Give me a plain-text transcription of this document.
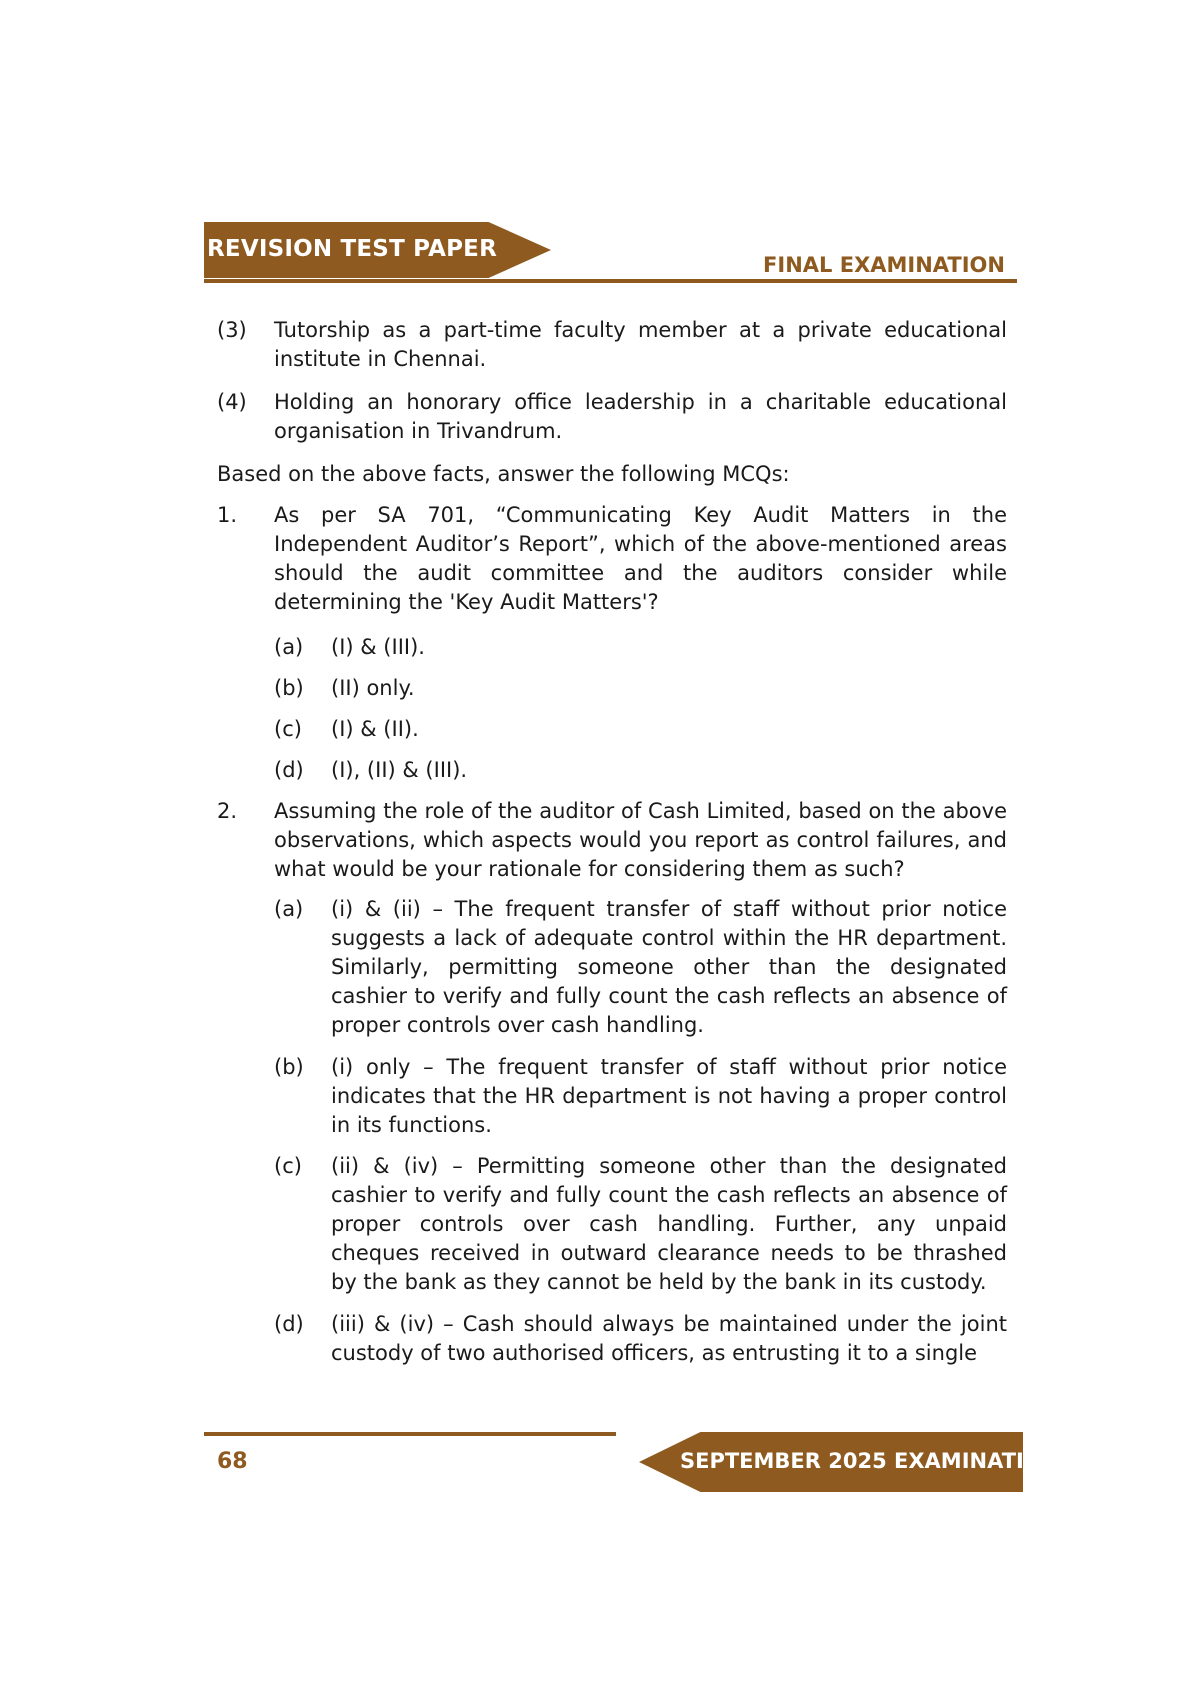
REVISION TEST PAPER
FINAL EXAMINATION
(3) Tutorship as a part-time faculty member at a private educational institute in Chennai.
(4) Holding an honorary office leadership in a charitable educational organisation in Trivandrum.
Based on the above facts, answer the following MCQs:
1. As per SA 701, “Communicating Key Audit Matters in the Independent Auditor’s Report”, which of the above-mentioned areas should the audit committee and the auditors consider while determining the 'Key Audit Matters'?
(a) (I) & (III).
(b) (II) only.
(c) (I) & (II).
(d) (I), (II) & (III).
2. Assuming the role of the auditor of Cash Limited, based on the above observations, which aspects would you report as control failures, and what would be your rationale for considering them as such?
(a) (i) & (ii) – The frequent transfer of staff without prior notice suggests a lack of adequate control within the HR department. Similarly, permitting someone other than the designated cashier to verify and fully count the cash reflects an absence of proper controls over cash handling.
(b) (i) only – The frequent transfer of staff without prior notice indicates that the HR department is not having a proper control in its functions.
(c) (ii) & (iv) – Permitting someone other than the designated cashier to verify and fully count the cash reflects an absence of proper controls over cash handling. Further, any unpaid cheques received in outward clearance needs to be thrashed by the bank as they cannot be held by the bank in its custody.
(d) (iii) & (iv) – Cash should always be maintained under the joint custody of two authorised officers, as entrusting it to a single
SEPTEMBER 2025 EXAMINATION
68
